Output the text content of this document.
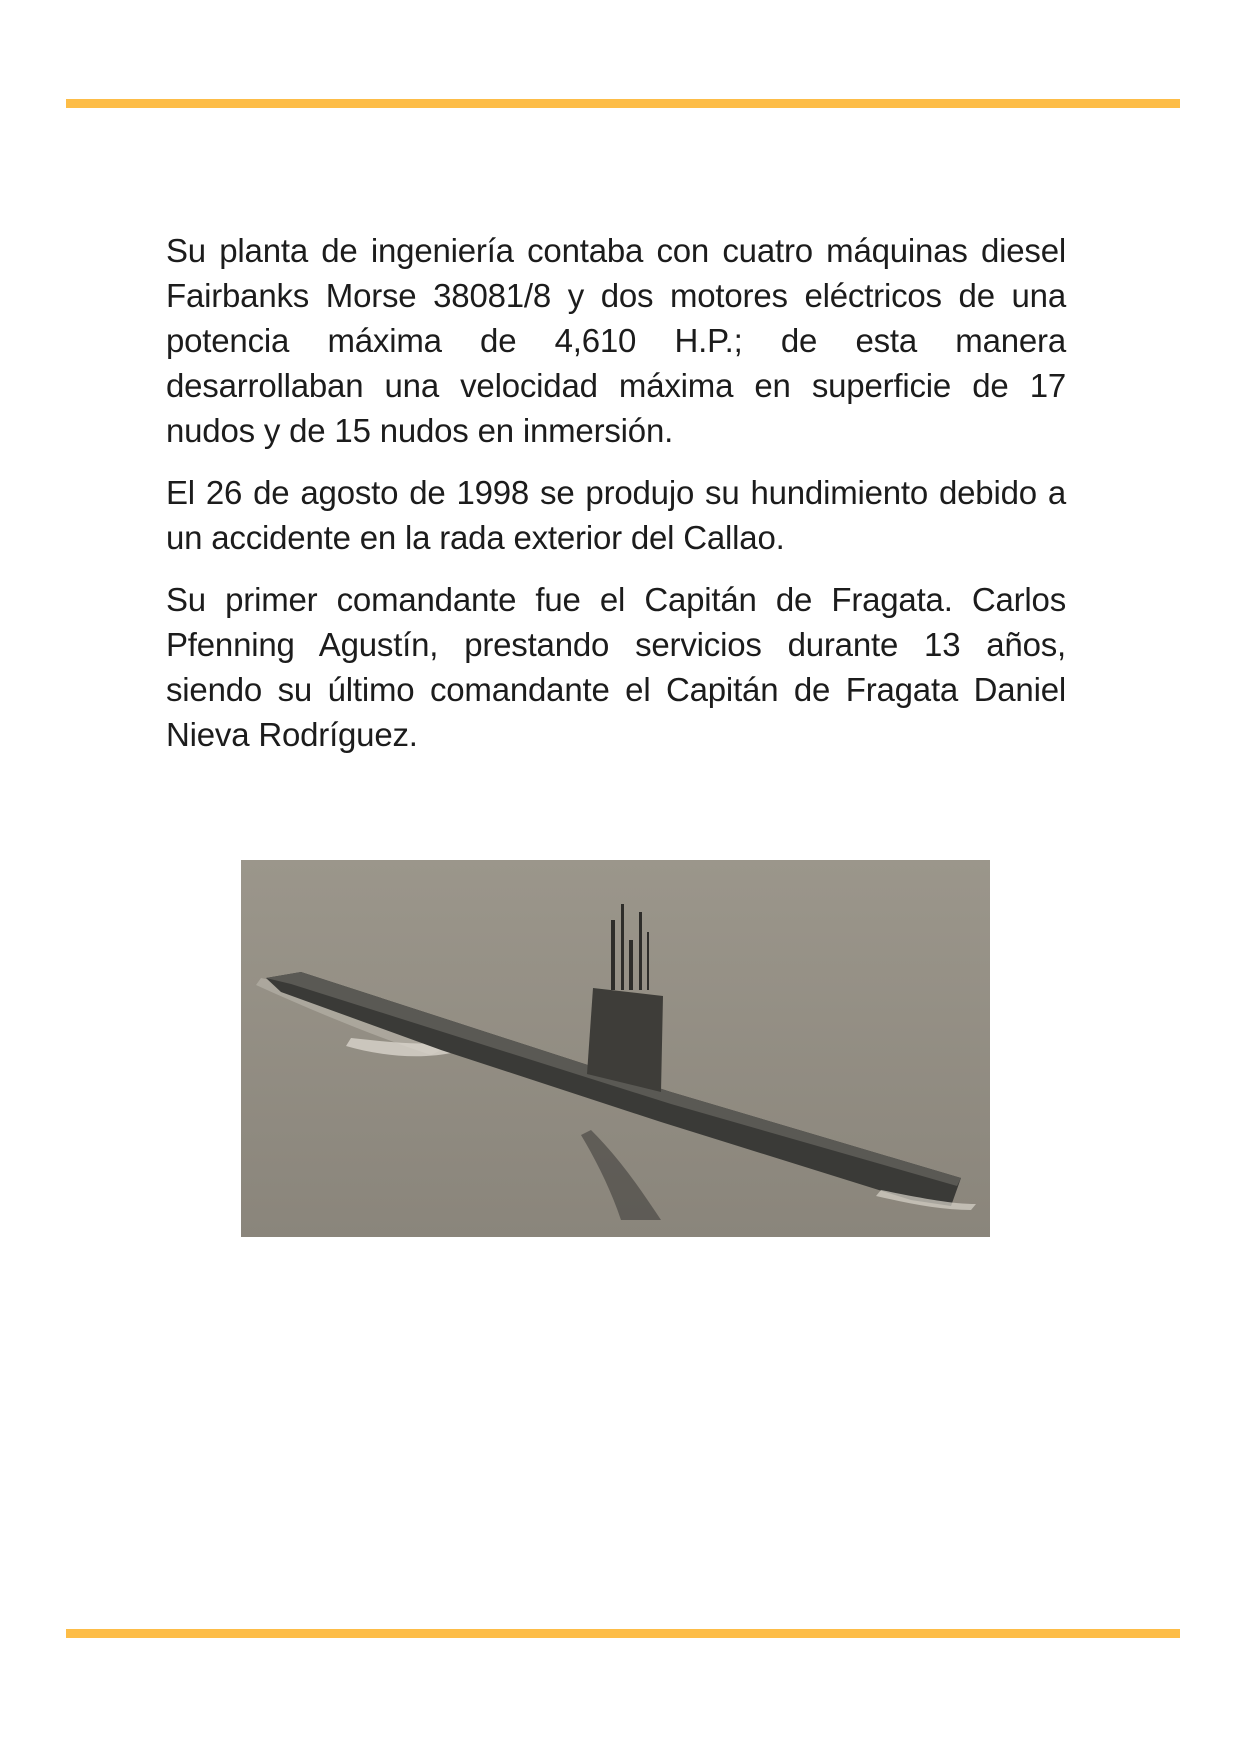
Su planta de ingeniería contaba con cuatro máquinas diesel Fairbanks Morse 38081/8 y dos motores eléctricos de una potencia máxima de 4,610 H.P.; de esta manera desarrollaban una velocidad máxima en superficie de 17 nudos y de 15 nudos en inmersión.

El 26 de agosto de 1998 se produjo su hundimiento debido a un accidente en la rada exterior del Callao.

Su primer comandante fue el Capitán de Fragata. Carlos Pfenning Agustín, prestando servicios durante 13 años, siendo su último comandante el Capitán de Fragata Daniel Nieva Rodríguez.
